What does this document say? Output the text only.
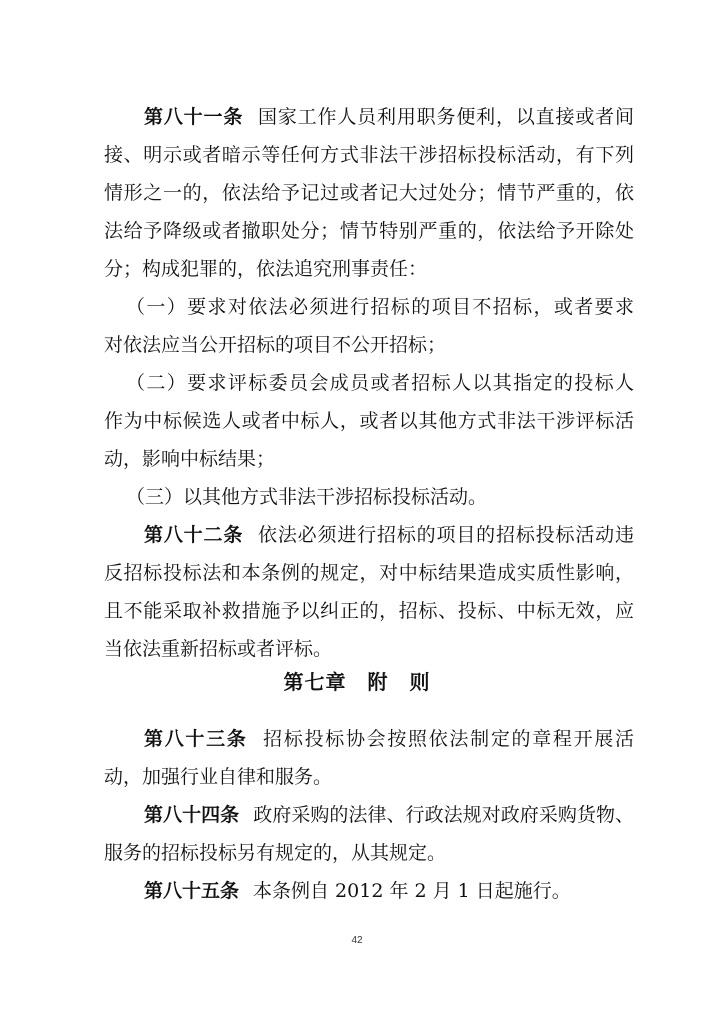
第八十一条 国家工作人员利用职务便利，以直接或者间
接、明示或者暗示等任何方式非法干涉招标投标活动，有下列
情形之一的，依法给予记过或者记大过处分；情节严重的，依
法给予降级或者撤职处分；情节特别严重的，依法给予开除处
分；构成犯罪的，依法追究刑事责任：
（一）要求对依法必须进行招标的项目不招标，或者要求
对依法应当公开招标的项目不公开招标；
（二）要求评标委员会成员或者招标人以其指定的投标人
作为中标候选人或者中标人，或者以其他方式非法干涉评标活
动，影响中标结果；
（三）以其他方式非法干涉招标投标活动。
第八十二条 依法必须进行招标的项目的招标投标活动违
反招标投标法和本条例的规定，对中标结果造成实质性影响，
且不能采取补救措施予以纠正的，招标、投标、中标无效，应
当依法重新招标或者评标。
第七章　附　则
第八十三条 招标投标协会按照依法制定的章程开展活
动，加强行业自律和服务。
第八十四条 政府采购的法律、行政法规对政府采购货物、
服务的招标投标另有规定的，从其规定。
第八十五条 本条例自 2012 年 2 月 1 日起施行。
42
